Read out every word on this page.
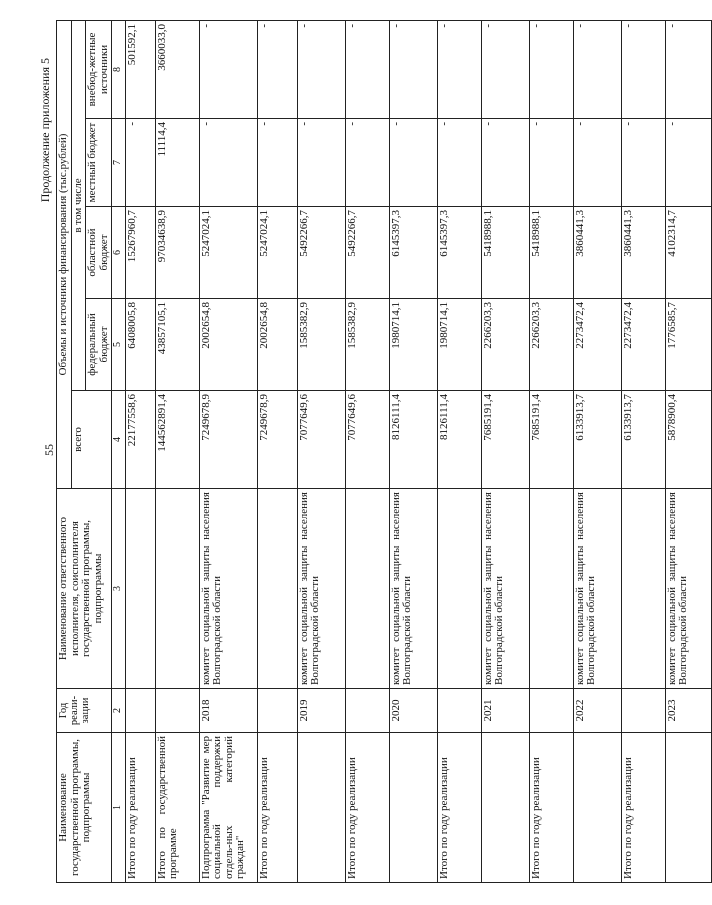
55
Продолжение приложения 5
Наименование государственной программы, подпрограммы	Год реали-зации	Наименование ответственного исполнителя, соисполнителя государственной программы, подпрограммы	Объемы и источники финансирования (тыс.рублей)				
			всего	в том числе			
				федеральный бюджет	областной бюджет	местный бюджет	внебюд-жетные источники
1	2	3	4	5	6	7	8
Итого по году реализации			22177558,6	6408005,8	15267960,7	-	501592,1
Итого по государственной программе			144562891,4	43857105,1	97034638,9	11114,4	3660033,0
Подпрограмма "Развитие мер социальной поддержки отдель-ных категорий граждан"	2018	комитет социальной защиты населения Волгоградской области	7249678,9	2002654,8	5247024,1	-	-
Итого по году реализации			7249678,9	2002654,8	5247024,1	-	-
	2019	комитет социальной защиты населения Волгоградской области	7077649,6	1585382,9	5492266,7	-	-
Итого по году реализации			7077649,6	1585382,9	5492266,7	-	-
	2020	комитет социальной защиты населения Волгоградской области	8126111,4	1980714,1	6145397,3	-	-
Итого по году реализации			8126111,4	1980714,1	6145397,3	-	-
	2021	комитет социальной защиты населения Волгоградской области	7685191,4	2266203,3	5418988,1	-	-
Итого по году реализации			7685191,4	2266203,3	5418988,1	-	-
	2022	комитет социальной защиты населения Волгоградской области	6133913,7	2273472,4	3860441,3	-	-
Итого по году реализации			6133913,7	2273472,4	3860441,3	-	-
	2023	комитет социальной защиты населения Волгоградской области	5878900,4	1776585,7	4102314,7	-	-
